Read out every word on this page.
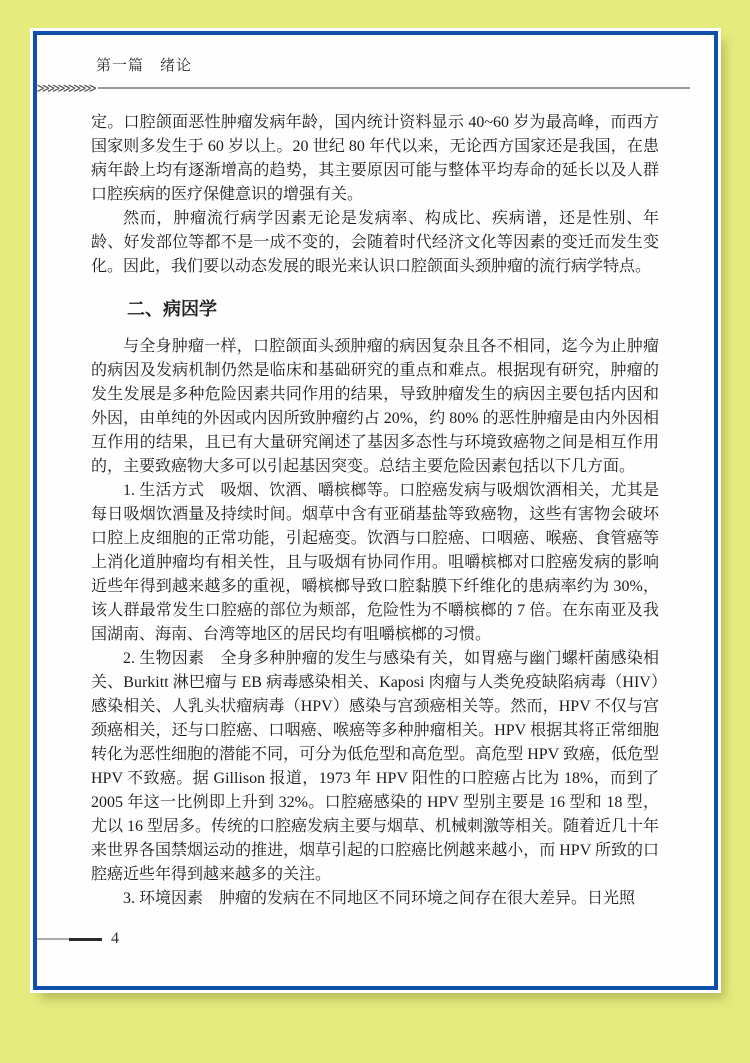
第一篇　绪论
>>>>>>>>>>>

定。口腔颌面恶性肿瘤发病年龄，国内统计资料显示 40~60 岁为最高峰，而西方国家则多发生于 60 岁以上。20 世纪 80 年代以来，无论西方国家还是我国，在患病年龄上均有逐渐增高的趋势，其主要原因可能与整体平均寿命的延长以及人群口腔疾病的医疗保健意识的增强有关。

然而，肿瘤流行病学因素无论是发病率、构成比、疾病谱，还是性别、年龄、好发部位等都不是一成不变的，会随着时代经济文化等因素的变迁而发生变化。因此，我们要以动态发展的眼光来认识口腔颌面头颈肿瘤的流行病学特点。

二、病因学

与全身肿瘤一样，口腔颌面头颈肿瘤的病因复杂且各不相同，迄今为止肿瘤的病因及发病机制仍然是临床和基础研究的重点和难点。根据现有研究，肿瘤的发生发展是多种危险因素共同作用的结果，导致肿瘤发生的病因主要包括内因和外因，由单纯的外因或内因所致肿瘤约占 20%，约 80% 的恶性肿瘤是由内外因相互作用的结果，且已有大量研究阐述了基因多态性与环境致癌物之间是相互作用的，主要致癌物大多可以引起基因突变。总结主要危险因素包括以下几方面。

1. 生活方式　吸烟、饮酒、嚼槟榔等。口腔癌发病与吸烟饮酒相关，尤其是每日吸烟饮酒量及持续时间。烟草中含有亚硝基盐等致癌物，这些有害物会破坏口腔上皮细胞的正常功能，引起癌变。饮酒与口腔癌、口咽癌、喉癌、食管癌等上消化道肿瘤均有相关性，且与吸烟有协同作用。咀嚼槟榔对口腔癌发病的影响近些年得到越来越多的重视，嚼槟榔导致口腔黏膜下纤维化的患病率约为 30%，该人群最常发生口腔癌的部位为颊部，危险性为不嚼槟榔的 7 倍。在东南亚及我国湖南、海南、台湾等地区的居民均有咀嚼槟榔的习惯。

2. 生物因素　全身多种肿瘤的发生与感染有关，如胃癌与幽门螺杆菌感染相关、Burkitt 淋巴瘤与 EB 病毒感染相关、Kaposi 肉瘤与人类免疫缺陷病毒（HIV）感染相关、人乳头状瘤病毒（HPV）感染与宫颈癌相关等。然而，HPV 不仅与宫颈癌相关，还与口腔癌、口咽癌、喉癌等多种肿瘤相关。HPV 根据其将正常细胞转化为恶性细胞的潜能不同，可分为低危型和高危型。高危型 HPV 致癌，低危型 HPV 不致癌。据 Gillison 报道，1973 年 HPV 阳性的口腔癌占比为 18%，而到了 2005 年这一比例即上升到 32%。口腔癌感染的 HPV 型别主要是 16 型和 18 型，尤以 16 型居多。传统的口腔癌发病主要与烟草、机械刺激等相关。随着近几十年来世界各国禁烟运动的推进，烟草引起的口腔癌比例越来越小，而 HPV 所致的口腔癌近些年得到越来越多的关注。

3. 环境因素　肿瘤的发病在不同地区不同环境之间存在很大差异。日光照

4
